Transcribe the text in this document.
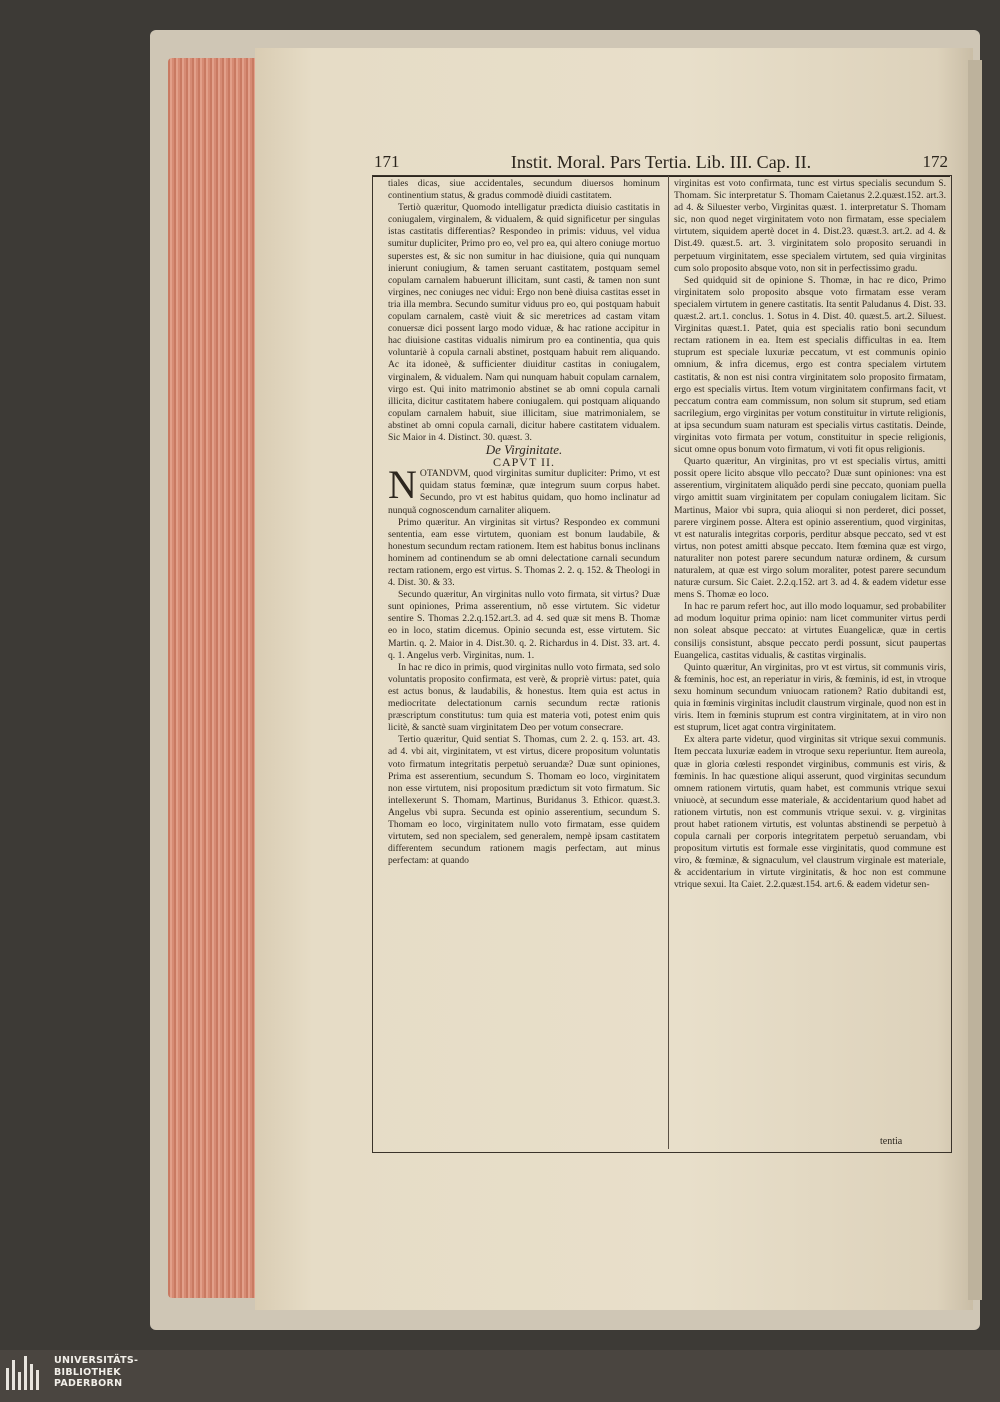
171	Instit. Moral. Pars Tertia. Lib. III. Cap. II.	172

tiales dicas, siue accidentales, secundum diuersos hominum continentium status, & gradus commodè diuidi castitatem.

Tertiò quæritur, Quomodo intelligatur prædicta diuisio castitatis in coniugalem, virginalem, & vidualem, & quid significetur per singulas istas castitatis differentias? Respondeo in primis: viduus, vel vidua sumitur dupliciter, Primo pro eo, vel pro ea, qui altero coniuge mortuo superstes est, & sic non sumitur in hac diuisione, quia qui nunquam inierunt coniugium, & tamen seruant castitatem, postquam semel copulam carnalem habuerunt illicitam, sunt casti, & tamen non sunt virgines, nec coniuges nec vidui: Ergo non benè diuisa castitas esset in tria illa membra. Secundo sumitur viduus pro eo, qui postquam habuit copulam carnalem, castè viuit & sic meretrices ad castam vitam conuersæ dici possent largo modo viduæ, & hac ratione accipitur in hac diuisione castitas vidualis nimirum pro ea continentia, qua quis voluntariè à copula carnali abstinet, postquam habuit rem aliquando. Ac ita idoneè, & sufficienter diuiditur castitas in coniugalem, virginalem, & vidualem. Nam qui nunquam habuit copulam carnalem, virgo est. Qui inito matrimonio abstinet se ab omni copula carnali illicita, dicitur castitatem habere coniugalem. qui postquam aliquando copulam carnalem habuit, siue illicitam, siue matrimonialem, se abstinet ab omni copula carnali, dicitur habere castitatem vidualem. Sic Maior in 4. Distinct. 30. quæst. 3.

De Virginitate.

CAPVT II.

NOTANDVM, quod virginitas sumitur dupliciter: Primo, vt est quidam status fœminæ, quæ integrum suum corpus habet. Secundo, pro vt est habitus quidam, quo homo inclinatur ad nunquã cognoscendum carnaliter aliquem.

Primo quæritur. An virginitas sit virtus? Respondeo ex communi sententia, eam esse virtutem, quoniam est bonum laudabile, & honestum secundum rectam rationem. Item est habitus bonus inclinans hominem ad continendum se ab omni delectatione carnali secundum rectam rationem, ergo est virtus. S. Thomas 2. 2. q. 152. & Theologi in 4. Dist. 30. & 33.

Secundo quæritur, An virginitas nullo voto firmata, sit virtus? Duæ sunt opiniones, Prima asserentium, nõ esse virtutem. Sic videtur sentire S. Thomas 2.2.q.152.art.3. ad 4. sed quæ sit mens B. Thomæ eo in loco, statim dicemus. Opinio secunda est, esse virtutem. Sic Martin. q. 2. Maior in 4. Dist.30. q. 2. Richardus in 4. Dist. 33. art. 4. q. 1. Angelus verb. Virginitas, num. 1.

In hac re dico in primis, quod virginitas nullo voto firmata, sed solo voluntatis proposito confirmata, est verè, & propriè virtus: patet, quia est actus bonus, & laudabilis, & honestus. Item quia est actus in mediocritate delectationum carnis secundum rectæ rationis præscriptum constitutus: tum quia est materia voti, potest enim quis licitè, & sanctè suam virginitatem Deo per votum consecrare.

Tertio quæritur, Quid sentiat S. Thomas, cum 2. 2. q. 153. art. 43. ad 4. vbi ait, virginitatem, vt est virtus, dicere propositum voluntatis voto firmatum integritatis perpetuò seruandæ? Duæ sunt opiniones, Prima est asserentium, secundum S. Thomam eo loco, virginitatem non esse virtutem, nisi propositum prædictum sit voto firmatum. Sic intellexerunt S. Thomam, Martinus, Buridanus 3. Ethicor. quæst.3. Angelus vbi supra. Secunda est opinio asserentium, secundum S. Thomam eo loco, virginitatem nullo voto firmatam, esse quidem virtutem, sed non specialem, sed generalem, nempè ipsam castitatem differentem secundum rationem magis perfectam, aut minus perfectam: at quando

virginitas est voto confirmata, tunc est virtus specialis secundum S. Thomam. Sic interpretatur S. Thomam Caietanus 2.2.quæst.152. art.3. ad 4. & Siluester verbo, Virginitas quæst. 1. interpretatur S. Thomam sic, non quod neget virginitatem voto non firmatam, esse specialem virtutem, siquidem apertè docet in 4. Dist.23. quæst.3. art.2. ad 4. & Dist.49. quæst.5. art. 3. virginitatem solo proposito seruandi in perpetuum virginitatem, esse specialem virtutem, sed quia virginitas cum solo proposito absque voto, non sit in perfectissimo gradu.

Sed quidquid sit de opinione S. Thomæ, in hac re dico, Primo virginitatem solo proposito absque voto firmatam esse veram specialem virtutem in genere castitatis. Ita sentit Paludanus 4. Dist. 33. quæst.2. art.1. conclus. 1. Sotus in 4. Dist. 40. quæst.5. art.2. Siluest. Virginitas quæst.1. Patet, quia est specialis ratio boni secundum rectam rationem in ea. Item est specialis difficultas in ea. Item stuprum est speciale luxuriæ peccatum, vt est communis opinio omnium, & infra dicemus, ergo est contra specialem virtutem castitatis, & non est nisi contra virginitatem solo proposito firmatam, ergo est specialis virtus. Item votum virginitatem confirmans facit, vt peccatum contra eam commissum, non solum sit stuprum, sed etiam sacrilegium, ergo virginitas per votum constituitur in virtute religionis, at ipsa secundum suam naturam est specialis virtus castitatis. Deinde, virginitas voto firmata per votum, constituitur in specie religionis, sicut omne opus bonum voto firmatum, vi voti fit opus religionis.

Quarto quæritur, An virginitas, pro vt est specialis virtus, amitti possit opere licito absque vllo peccato? Duæ sunt opiniones: vna est asserentium, virginitatem aliquãdo perdi sine peccato, quoniam puella virgo amittit suam virginitatem per copulam coniugalem licitam. Sic Martinus, Maior vbi supra, quia alioqui si non perderet, dici posset, parere virginem posse. Altera est opinio asserentium, quod virginitas, vt est naturalis integritas corporis, perditur absque peccato, sed vt est virtus, non potest amitti absque peccato. Item fœmina quæ est virgo, naturaliter non potest parere secundum naturæ ordinem, & cursum naturalem, at quæ est virgo solum moraliter, potest parere secundum naturæ cursum. Sic Caiet. 2.2.q.152. art 3. ad 4. & eadem videtur esse mens S. Thomæ eo loco.

In hac re parum refert hoc, aut illo modo loquamur, sed probabiliter ad modum loquitur prima opinio: nam licet communiter virtus perdi non soleat absque peccato: at virtutes Euangelicæ, quæ in certis consilijs consistunt, absque peccato perdi possunt, sicut paupertas Euangelica, castitas vidualis, & castitas virginalis.

Quinto quæritur, An virginitas, pro vt est virtus, sit communis viris, & fœminis, hoc est, an reperiatur in viris, & fœminis, id est, in vtroque sexu hominum secundum vniuocam rationem? Ratio dubitandi est, quia in fœminis virginitas includit claustrum virginale, quod non est in viris. Item in fœminis stuprum est contra virginitatem, at in viro non est stuprum, licet agat contra virginitatem.

Ex altera parte videtur, quod virginitas sit vtrique sexui communis. Item peccata luxuriæ eadem in vtroque sexu reperiuntur. Item aureola, quæ in gloria cœlesti respondet virginibus, communis est viris, & fœminis. In hac quæstione aliqui asserunt, quod virginitas secundum omnem rationem virtutis, quam habet, est communis vtrique sexui vniuocè, at secundum esse materiale, & accidentarium quod habet ad rationem virtutis, non est communis vtrique sexui. v. g. virginitas prout habet rationem virtutis, est voluntas abstinendi se perpetuò à copula carnali per corporis integritatem perpetuò seruandam, vbi propositum virtutis est formale esse virginitatis, quod commune est viro, & fœminæ, & signaculum, vel claustrum virginale est materiale, & accidentarium in virtute virginitatis, & hoc non est commune vtrique sexui. Ita Caiet. 2.2.quæst.154. art.6. & eadem videtur sen-

tentia
UNIVERSITÄTS-
BIBLIOTHEK
PADERBORN
